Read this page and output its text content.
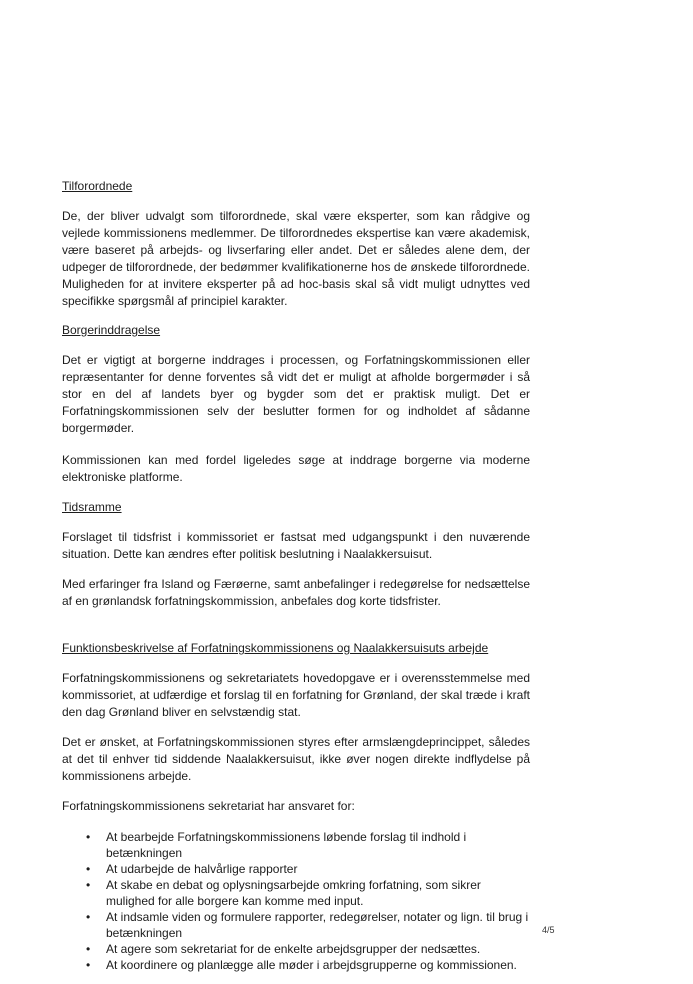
Tilforordnede

De, der bliver udvalgt som tilforordnede, skal være eksperter, som kan rådgive og vejlede kommissionens medlemmer. De tilforordnedes ekspertise kan være akademisk, være baseret på arbejds- og livserfaring eller andet. Det er således alene dem, der udpeger de tilforordnede, der bedømmer kvalifikationerne hos de ønskede tilforordnede. Muligheden for at invitere eksperter på ad hoc-basis skal så vidt muligt udnyttes ved specifikke spørgsmål af principiel karakter.

Borgerinddragelse

Det er vigtigt at borgerne inddrages i processen, og Forfatningskommissionen eller repræsentanter for denne forventes så vidt det er muligt at afholde borgermøder i så stor en del af landets byer og bygder som det er praktisk muligt. Det er Forfatningskommissionen selv der beslutter formen for og indholdet af sådanne borgermøder.

Kommissionen kan med fordel ligeledes søge at inddrage borgerne via moderne elektroniske platforme.

Tidsramme

Forslaget til tidsfrist i kommissoriet er fastsat med udgangspunkt i den nuværende situation. Dette kan ændres efter politisk beslutning i Naalakkersuisut.

Med erfaringer fra Island og Færøerne, samt anbefalinger i redegørelse for nedsættelse af en grønlandsk forfatningskommission, anbefales dog korte tidsfrister.

Funktionsbeskrivelse af Forfatningskommissionens og Naalakkersuisuts arbejde

Forfatningskommissionens og sekretariatets hovedopgave er i overensstemmelse med kommissoriet, at udfærdige et forslag til en forfatning for Grønland, der skal træde i kraft den dag Grønland bliver en selvstændig stat.

Det er ønsket, at Forfatningskommissionen styres efter armslængdeprincippet, således at det til enhver tid siddende Naalakkersuisut, ikke øver nogen direkte indflydelse på kommissionens arbejde.

Forfatningskommissionens sekretariat har ansvaret for:

• At bearbejde Forfatningskommissionens løbende forslag til indhold i betænkningen
• At udarbejde de halvårlige rapporter
• At skabe en debat og oplysningsarbejde omkring forfatning, som sikrer mulighed for alle borgere kan komme med input.
• At indsamle viden og formulere rapporter, redegørelser, notater og lign. til brug i betænkningen
• At agere som sekretariat for de enkelte arbejdsgrupper der nedsættes.
• At koordinere og planlægge alle møder i arbejdsgrupperne og kommissionen.
4/5
